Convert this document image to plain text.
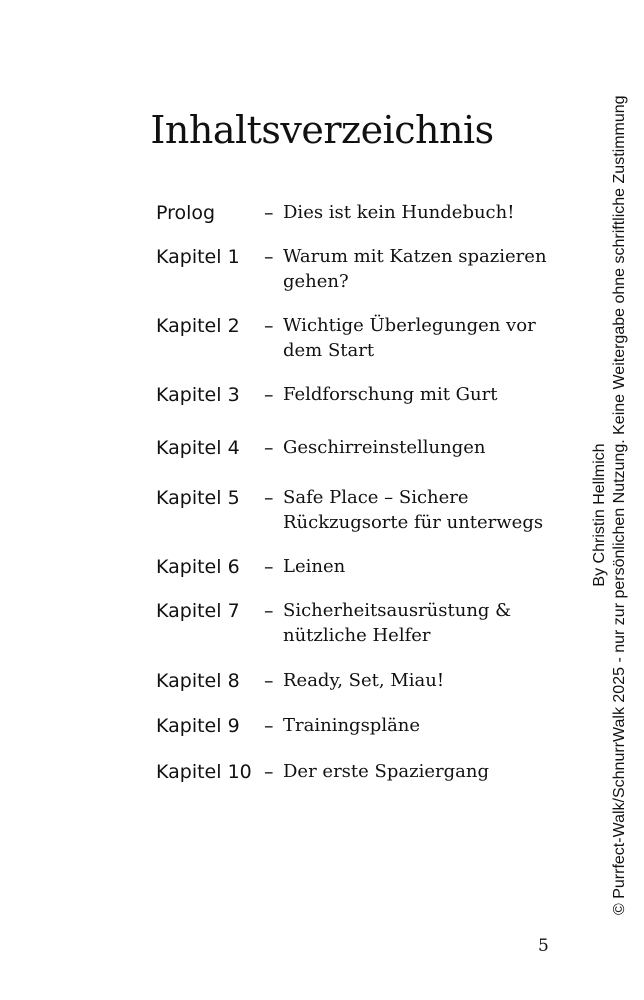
Inhaltsverzeichnis
Prolog	– Dies ist kein Hundebuch!
Kapitel 1 – Warum mit Katzen spazieren
gehen?
Kapitel 2 – Wichtige Überlegungen vor
dem Start
Kapitel 3 – Feldforschung mit Gurt
Kapitel 4 – Geschirreinstellungen
Kapitel 5 – Safe Place – Sichere
Rückzugsorte für unterwegs
Kapitel 6 – Leinen
Kapitel 7 – Sicherheitsausrüstung &
nützliche Helfer
Kapitel 8 – Ready, Set, Miau!
Kapitel 9 – Trainingspläne
Kapitel 10 – Der erste Spaziergang
By Christin Hellmich © Purrfect-Walk/SchnurrWalk 2025 - nur zur persönlichen Nutzung. Keine Weitergabe ohne schriftliche Zustimmung
5
